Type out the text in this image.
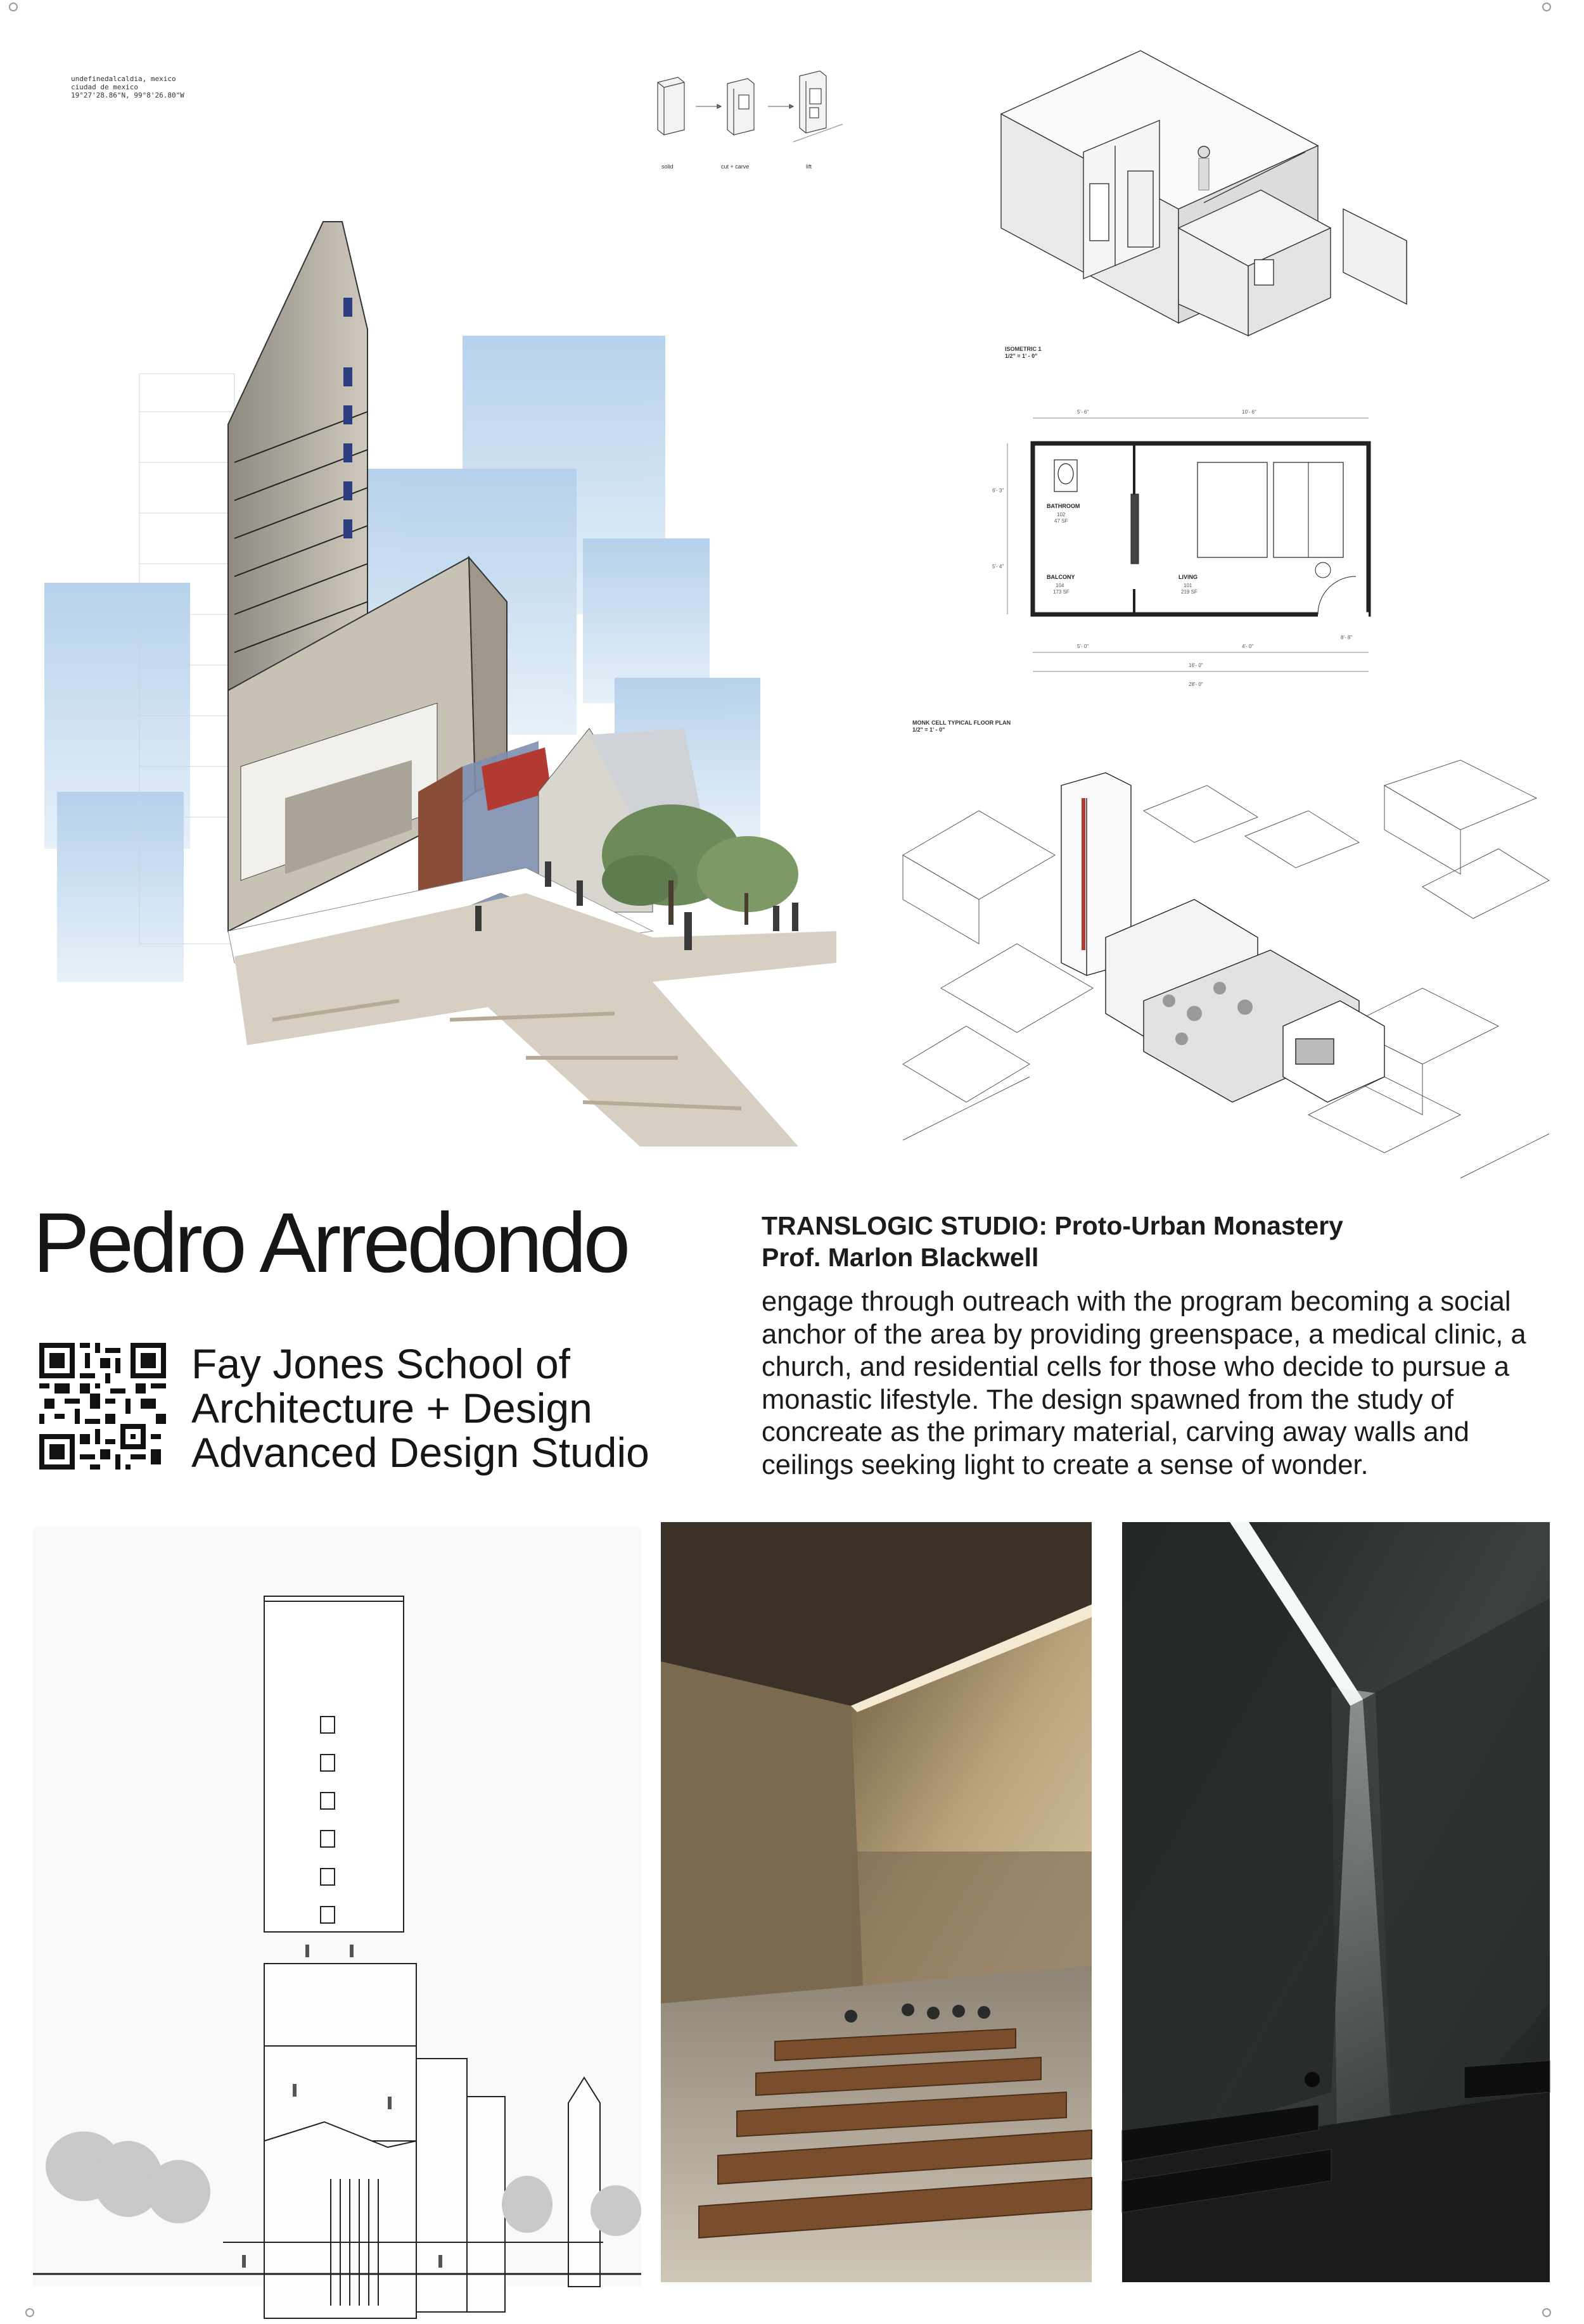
undefinedalcaldia, mexico
ciudad de mexico
19°27'28.86"N, 99°8'26.80"W
solid	cut + carve	lift
ISOMETRIC 1
1/2" = 1' - 0"
BATHROOM
102
47 SF
BALCONY
104
173 SF
LIVING
101
219 SF
5'- 6"	10'- 6"
6'- 3"
5'- 4"
8'- 8"
5'- 0"	4'- 0"
16'- 0"
28'- 0"
MONK CELL TYPICAL FLOOR PLAN
1/2" = 1' - 0"
Pedro Arredondo
Fay Jones School of
Architecture + Design
Advanced Design Studio
TRANSLOGIC STUDIO: Proto-Urban Monastery
Prof. Marlon Blackwell
engage through outreach with the program becoming a social
anchor of the area by providing greenspace, a medical clinic, a
church, and residential cells for those who decide to pursue a
monastic lifestyle. The design spawned from the study of
concreate as the primary material, carving away walls and
ceilings seeking light to create a sense of wonder.
